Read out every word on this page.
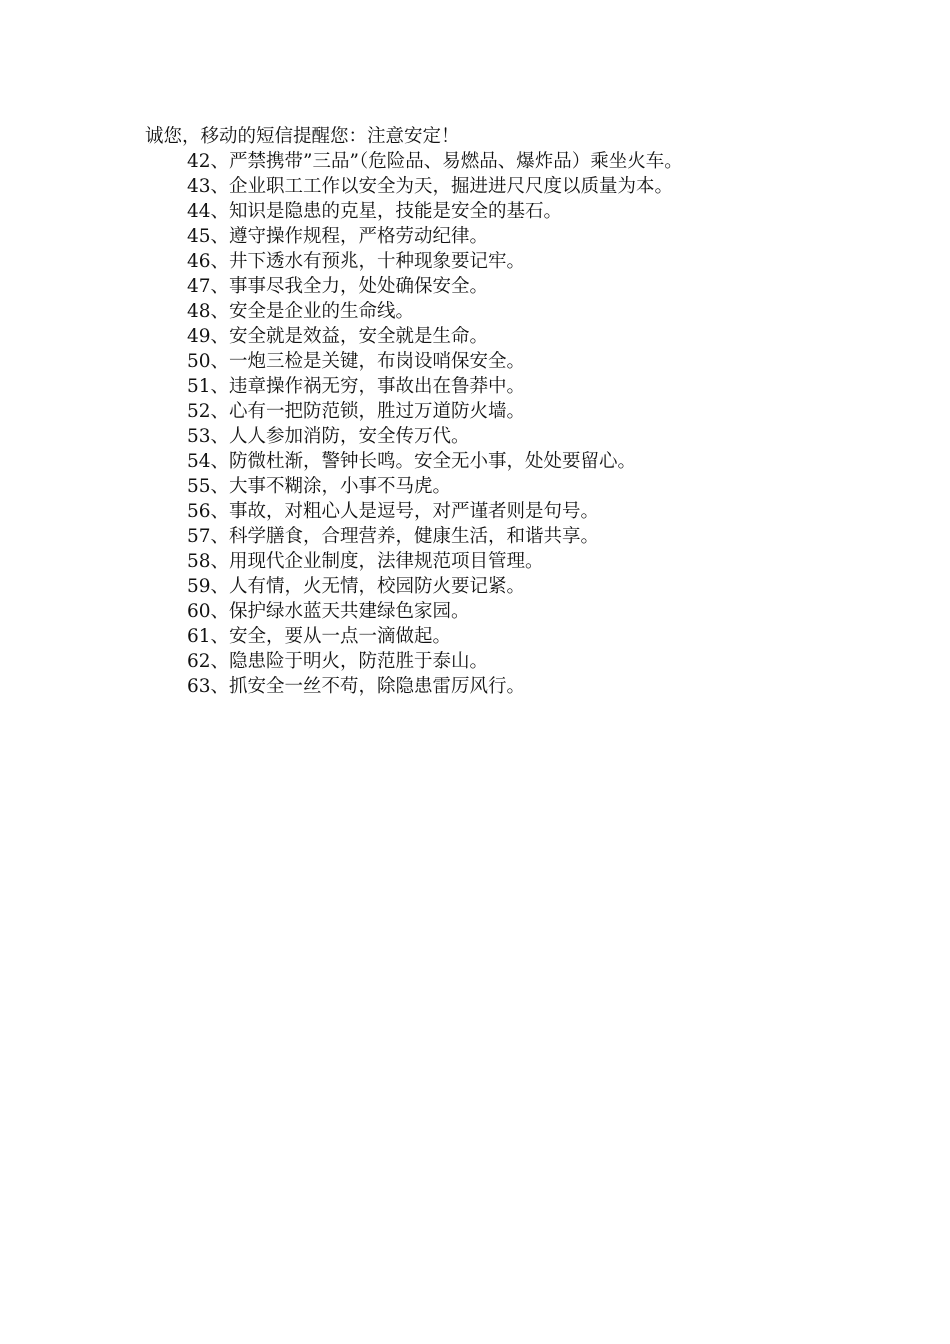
诚您，移动的短信提醒您：注意安定！
42、严禁携带”三品”（危险品、易燃品、爆炸品）乘坐火车。
43、企业职工工作以安全为天，掘进进尺尺度以质量为本。
44、知识是隐患的克星，技能是安全的基石。
45、遵守操作规程，严格劳动纪律。
46、井下透水有预兆，十种现象要记牢。
47、事事尽我全力，处处确保安全。
48、安全是企业的生命线。
49、安全就是效益，安全就是生命。
50、一炮三检是关键，布岗设哨保安全。
51、违章操作祸无穷，事故出在鲁莽中。
52、心有一把防范锁，胜过万道防火墙。
53、人人参加消防，安全传万代。
54、防微杜渐，警钟长鸣。安全无小事，处处要留心。
55、大事不糊涂，小事不马虎。
56、事故，对粗心人是逗号，对严谨者则是句号。
57、科学膳食，合理营养，健康生活，和谐共享。
58、用现代企业制度，法律规范项目管理。
59、人有情，火无情，校园防火要记紧。
60、保护绿水蓝天共建绿色家园。
61、安全，要从一点一滴做起。
62、隐患险于明火，防范胜于泰山。
63、抓安全一丝不苟，除隐患雷厉风行。
